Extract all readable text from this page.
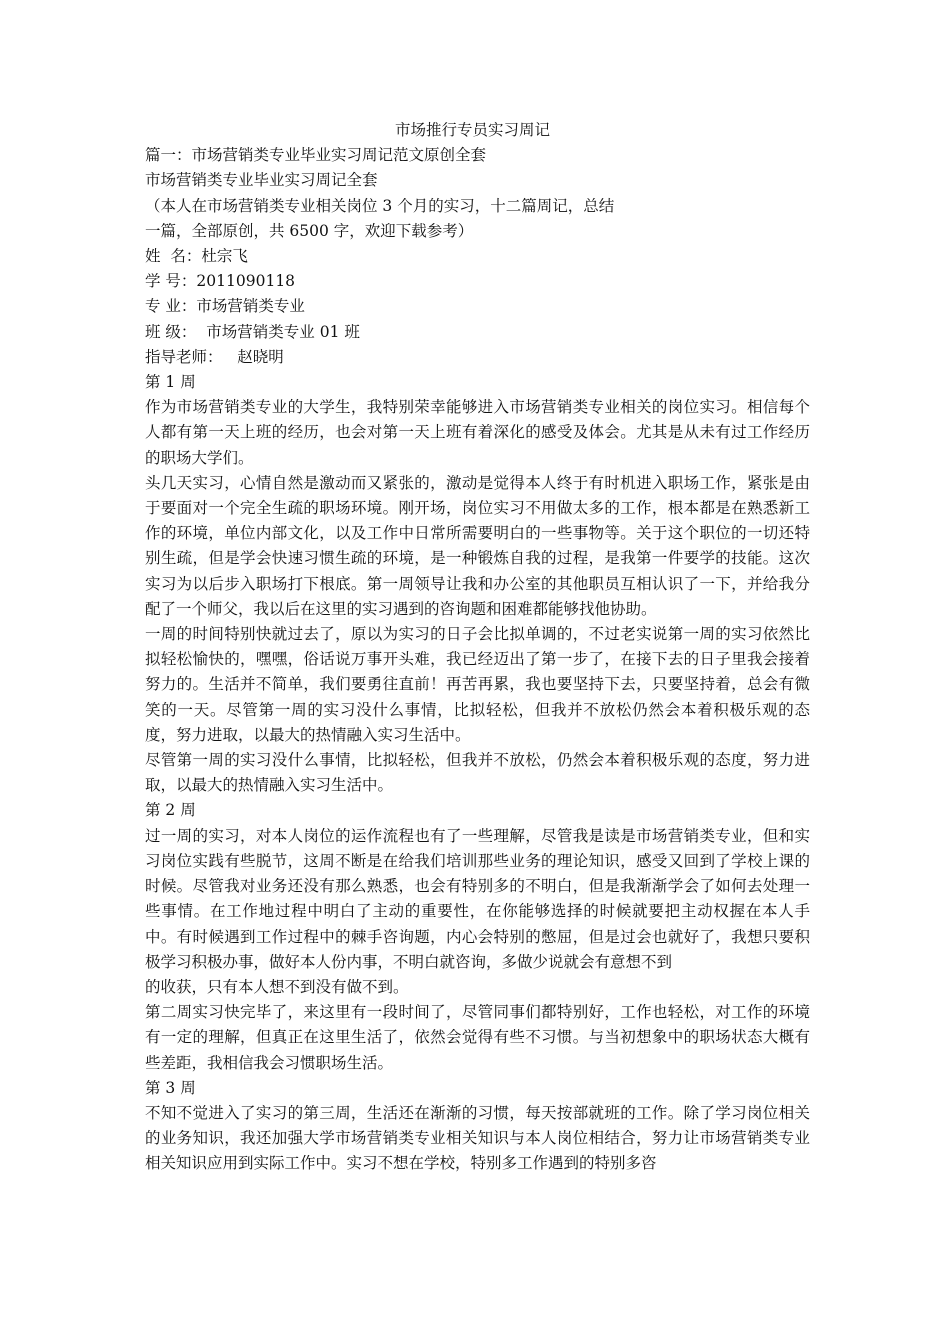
市场推行专员实习周记
篇一：市场营销类专业毕业实习周记范文原创全套
市场营销类专业毕业实习周记全套
（本人在市场营销类专业相关岗位 3 个月的实习，十二篇周记，总结
一篇，全部原创，共 6500 字，欢迎下载参考）
姓  名：杜宗飞
学 号：2011090118
专 业：市场营销类专业
班 级：  市场营销类专业 01 班
指导老师：   赵晓明
第 1 周
作为市场营销类专业的大学生，我特别荣幸能够进入市场营销类专业相关的岗位实习。相信每个人都有第一天上班的经历，也会对第一天上班有着深化的感受及体会。尤其是从未有过工作经历的职场大学们。
头几天实习，心情自然是激动而又紧张的，激动是觉得本人终于有时机进入职场工作，紧张是由于要面对一个完全生疏的职场环境。刚开场，岗位实习不用做太多的工作，根本都是在熟悉新工作的环境，单位内部文化，以及工作中日常所需要明白的一些事物等。关于这个职位的一切还特别生疏，但是学会快速习惯生疏的环境，是一种锻炼自我的过程，是我第一件要学的技能。这次实习为以后步入职场打下根底。第一周领导让我和办公室的其他职员互相认识了一下，并给我分配了一个师父，我以后在这里的实习遇到的咨询题和困难都能够找他协助。
一周的时间特别快就过去了，原以为实习的日子会比拟单调的，不过老实说第一周的实习依然比拟轻松愉快的，嘿嘿，俗话说万事开头难，我已经迈出了第一步了，在接下去的日子里我会接着努力的。生活并不简单，我们要勇往直前！再苦再累，我也要坚持下去，只要坚持着，总会有微笑的一天。尽管第一周的实习没什么事情，比拟轻松，但我并不放松仍然会本着积极乐观的态度，努力进取，以最大的热情融入实习生活中。
尽管第一周的实习没什么事情，比拟轻松，但我并不放松，仍然会本着积极乐观的态度，努力进取，以最大的热情融入实习生活中。
第 2 周
过一周的实习，对本人岗位的运作流程也有了一些理解，尽管我是读是市场营销类专业，但和实习岗位实践有些脱节，这周不断是在给我们培训那些业务的理论知识，感受又回到了学校上课的时候。尽管我对业务还没有那么熟悉，也会有特别多的不明白，但是我渐渐学会了如何去处理一些事情。在工作地过程中明白了主动的重要性，在你能够选择的时候就要把主动权握在本人手中。有时候遇到工作过程中的棘手咨询题，内心会特别的憋屈，但是过会也就好了，我想只要积极学习积极办事，做好本人份内事，不明白就咨询，多做少说就会有意想不到
的收获，只有本人想不到没有做不到。
第二周实习快完毕了，来这里有一段时间了，尽管同事们都特别好，工作也轻松，对工作的环境有一定的理解，但真正在这里生活了，依然会觉得有些不习惯。与当初想象中的职场状态大概有些差距，我相信我会习惯职场生活。
第 3 周
不知不觉进入了实习的第三周，生活还在渐渐的习惯，每天按部就班的工作。除了学习岗位相关的业务知识，我还加强大学市场营销类专业相关知识与本人岗位相结合，努力让市场营销类专业相关知识应用到实际工作中。实习不想在学校，特别多工作遇到的特别多咨
